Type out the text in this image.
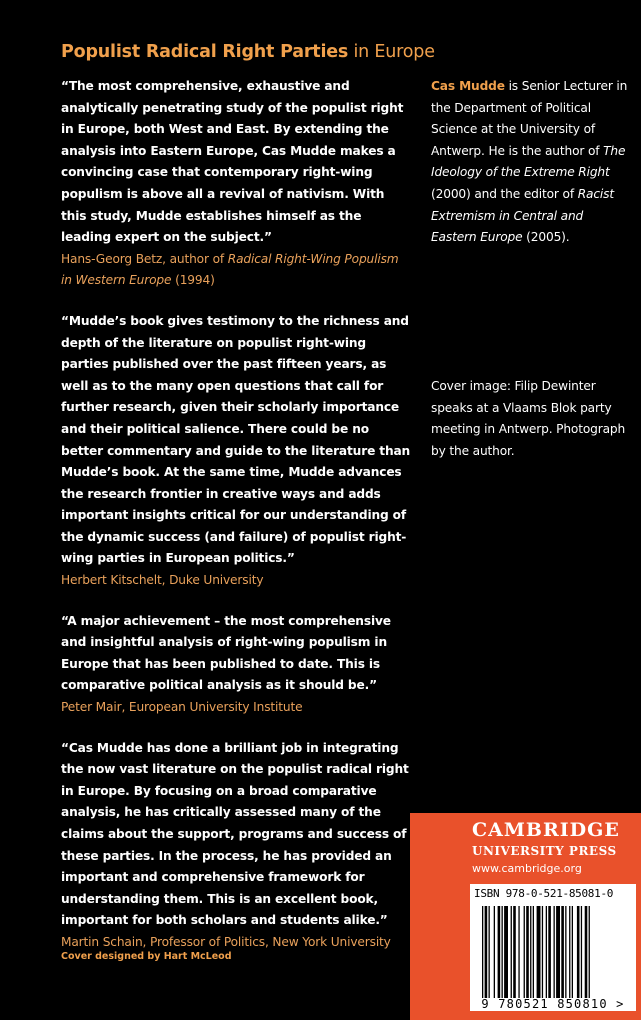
Populist Radical Right Parties in Europe

“The most comprehensive, exhaustive and analytically penetrating study of the populist right in Europe, both West and East. By extending the analysis into Eastern Europe, Cas Mudde makes a convincing case that contemporary right-wing populism is above all a revival of nativism. With this study, Mudde establishes himself as the leading expert on the subject.”

Hans-Georg Betz, author of Radical Right-Wing Populism in Western Europe (1994)

“Mudde’s book gives testimony to the richness and depth of the literature on populist right-wing parties published over the past fifteen years, as well as to the many open questions that call for further research, given their scholarly importance and their political salience. There could be no better commentary and guide to the literature than Mudde’s book. At the same time, Mudde advances the research frontier in creative ways and adds important insights critical for our understanding of the dynamic success (and failure) of populist right-wing parties in European politics.”

Herbert Kitschelt, Duke University

“A major achievement – the most comprehensive and insightful analysis of right-wing populism in Europe that has been published to date. This is comparative political analysis as it should be.”

Peter Mair, European University Institute

“Cas Mudde has done a brilliant job in integrating the now vast literature on the populist radical right in Europe. By focusing on a broad comparative analysis, he has critically assessed many of the claims about the support, programs and success of these parties. In the process, he has provided an important and comprehensive framework for understanding them. This is an excellent book, important for both scholars and students alike.”

Martin Schain, Professor of Politics, New York University

Cas Mudde is Senior Lecturer in the Department of Political Science at the University of Antwerp. He is the author of The Ideology of the Extreme Right (2000) and the editor of Racist Extremism in Central and Eastern Europe (2005).

Cover image: Filip Dewinter speaks at a Vlaams Blok party meeting in Antwerp. Photograph by the author.

Cover designed by Hart McLeod
CAMBRIDGE
UNIVERSITY PRESS
www.cambridge.org
ISBN 978-0-521-85081-0
9 780521 850810 >
